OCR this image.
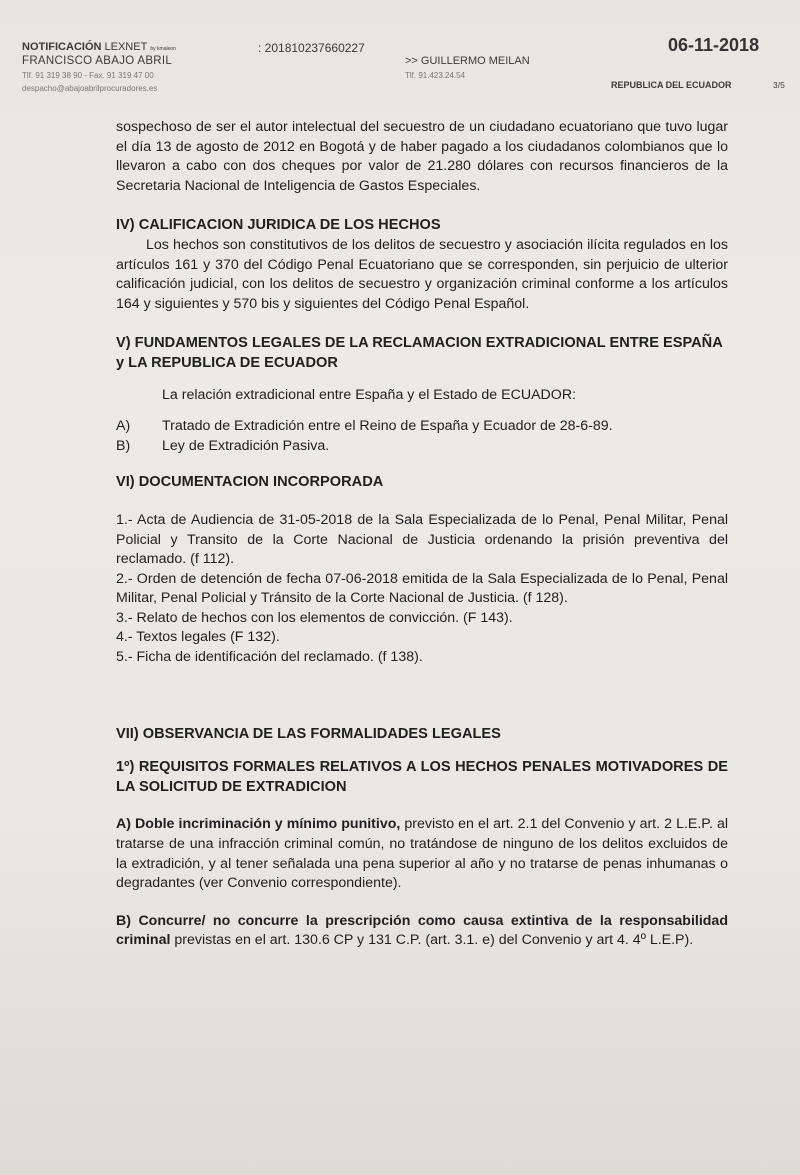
NOTIFICACIÓN LEXNET by kmaleon
FRANCISCO ABAJO ABRIL
Tlf. 91 319 38 90 - Fax. 91 319 47 00
despacho@abajoabrilprocuradores.es
: 201810237660227
>> GUILLERMO MEILAN
Tlf. 91.423.24.54
06-11-2018
REPUBLICA DEL ECUADOR	3/5

sospechoso de ser el autor intelectual del secuestro de un ciudadano ecuatoriano que tuvo lugar el día 13 de agosto de 2012 en Bogotá y de haber pagado a los ciudadanos colombianos que lo llevaron a cabo con dos cheques por valor de 21.280 dólares con recursos financieros de la Secretaria Nacional de Inteligencia de Gastos Especiales.

IV) CALIFICACION JURIDICA DE LOS HECHOS

Los hechos son constitutivos de los delitos de secuestro y asociación ilícita regulados en los artículos 161 y 370 del Código Penal Ecuatoriano que se corresponden, sin perjuicio de ulterior calificación judicial, con los delitos de secuestro y organización criminal conforme a los artículos 164 y siguientes y 570 bis y siguientes del Código Penal Español.

V) FUNDAMENTOS LEGALES DE LA RECLAMACION EXTRADICIONAL ENTRE ESPAÑA y LA REPUBLICA DE ECUADOR

La relación extradicional entre España y el Estado de ECUADOR:

A)	Tratado de Extradición entre el Reino de España y Ecuador de 28-6-89.
B)	Ley de Extradición Pasiva.

VI) DOCUMENTACION INCORPORADA

1.- Acta de Audiencia de 31-05-2018 de la Sala Especializada de lo Penal, Penal Militar, Penal Policial y Transito de la Corte Nacional de Justicia ordenando la prisión preventiva del reclamado. (f 112).

2.- Orden de detención de fecha 07-06-2018 emitida de la Sala Especializada de lo Penal, Penal Militar, Penal Policial y Tránsito de la Corte Nacional de Justicia. (f 128).

3.- Relato de hechos con los elementos de convicción. (F 143).

4.- Textos legales (F 132).

5.- Ficha de identificación del reclamado. (f 138).

VII) OBSERVANCIA DE LAS FORMALIDADES LEGALES

1º) REQUISITOS FORMALES RELATIVOS A LOS HECHOS PENALES MOTIVADORES DE LA SOLICITUD DE EXTRADICION

A) Doble incriminación y mínimo punitivo, previsto en el art. 2.1 del Convenio y art. 2 L.E.P. al tratarse de una infracción criminal común, no tratándose de ninguno de los delitos excluidos de la extradición, y al tener señalada una pena superior al año y no tratarse de penas inhumanas o degradantes (ver Convenio correspondiente).

B) Concurre/ no concurre la prescripción como causa extintiva de la responsabilidad criminal previstas en el art. 130.6 CP y 131 C.P. (art. 3.1. e) del Convenio y art 4. 4º L.E.P).
